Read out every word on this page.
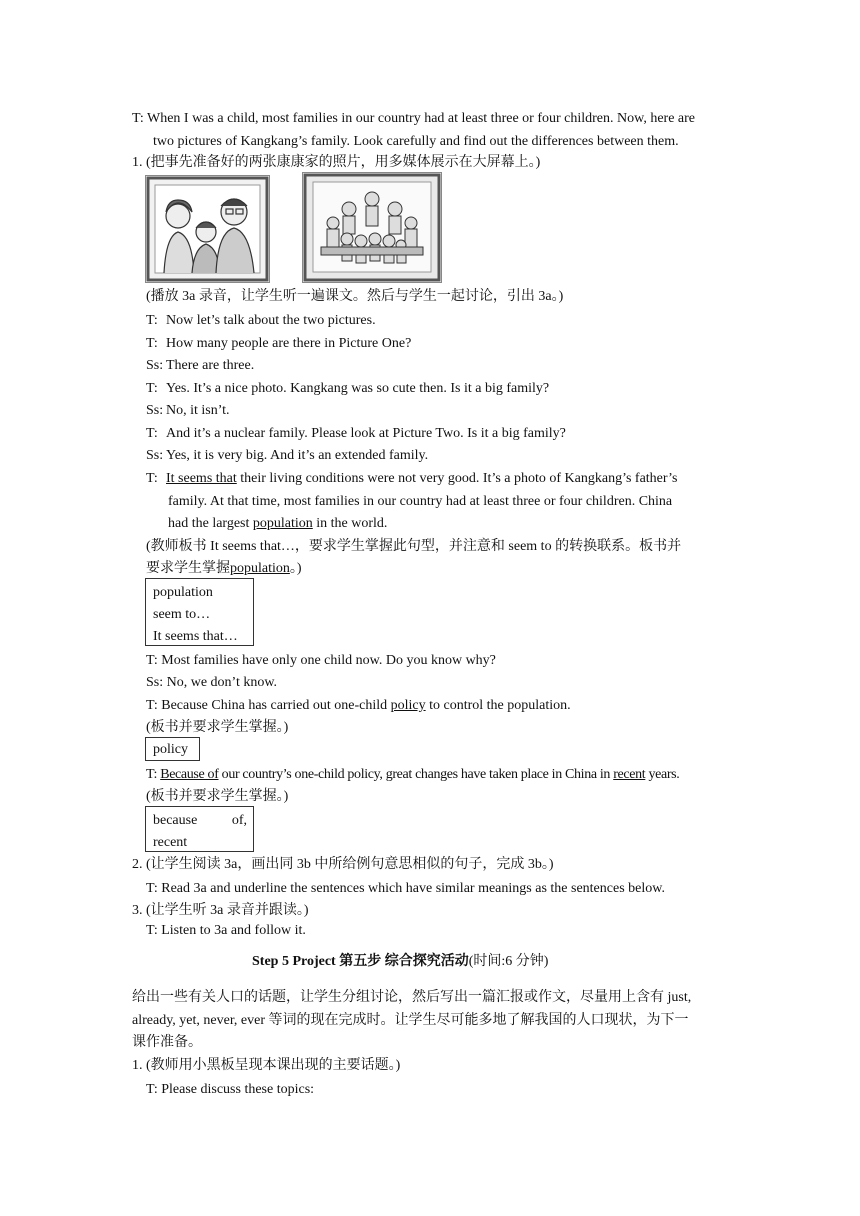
T: When I was a child, most families in our country had at least three or four children. Now, here are
two pictures of Kangkang’s family. Look carefully and find out the differences between them.
1. (把事先准备好的两张康康家的照片，用多媒体展示在大屏幕上。)
(播放 3a 录音，让学生听一遍课文。然后与学生一起讨论，引出 3a。)
T: Now let’s talk about the two pictures.
T: How many people are there in Picture One?
Ss: There are three.
T: Yes. It’s a nice photo. Kangkang was so cute then. Is it a big family?
Ss: No, it isn’t.
T: And it’s a nuclear family. Please look at Picture Two. Is it a big family?
Ss: Yes, it is very big. And it’s an extended family.
T: It seems that their living conditions were not very good. It’s a photo of Kangkang’s father’s
family. At that time, most families in our country had at least three or four children. China
had the largest population in the world.
(教师板书 It seems that…，要求学生掌握此句型，并注意和 seem to 的转换联系。板书并
要求学生掌握population。)
population
seem to…
It seems that…
T: Most families have only one child now. Do you know why?
Ss: No, we don’t know.
T: Because China has carried out one-child policy to control the population.
(板书并要求学生掌握。)
policy
T: Because of our country’s one-child policy, great changes have taken place in China in recent years.
(板书并要求学生掌握。)
because of,
recent
2. (让学生阅读 3a，画出同 3b 中所给例句意思相似的句子，完成 3b。)
T: Read 3a and underline the sentences which have similar meanings as the sentences below.
3. (让学生听 3a 录音并跟读。)
T: Listen to 3a and follow it.
Step 5 Project 第五步 综合探究活动(时间:6 分钟)
给出一些有关人口的话题，让学生分组讨论，然后写出一篇汇报或作文，尽量用上含有 just,
already, yet, never, ever 等词的现在完成时。让学生尽可能多地了解我国的人口现状，为下一
课作准备。
1. (教师用小黑板呈现本课出现的主要话题。)
T: Please discuss these topics:
